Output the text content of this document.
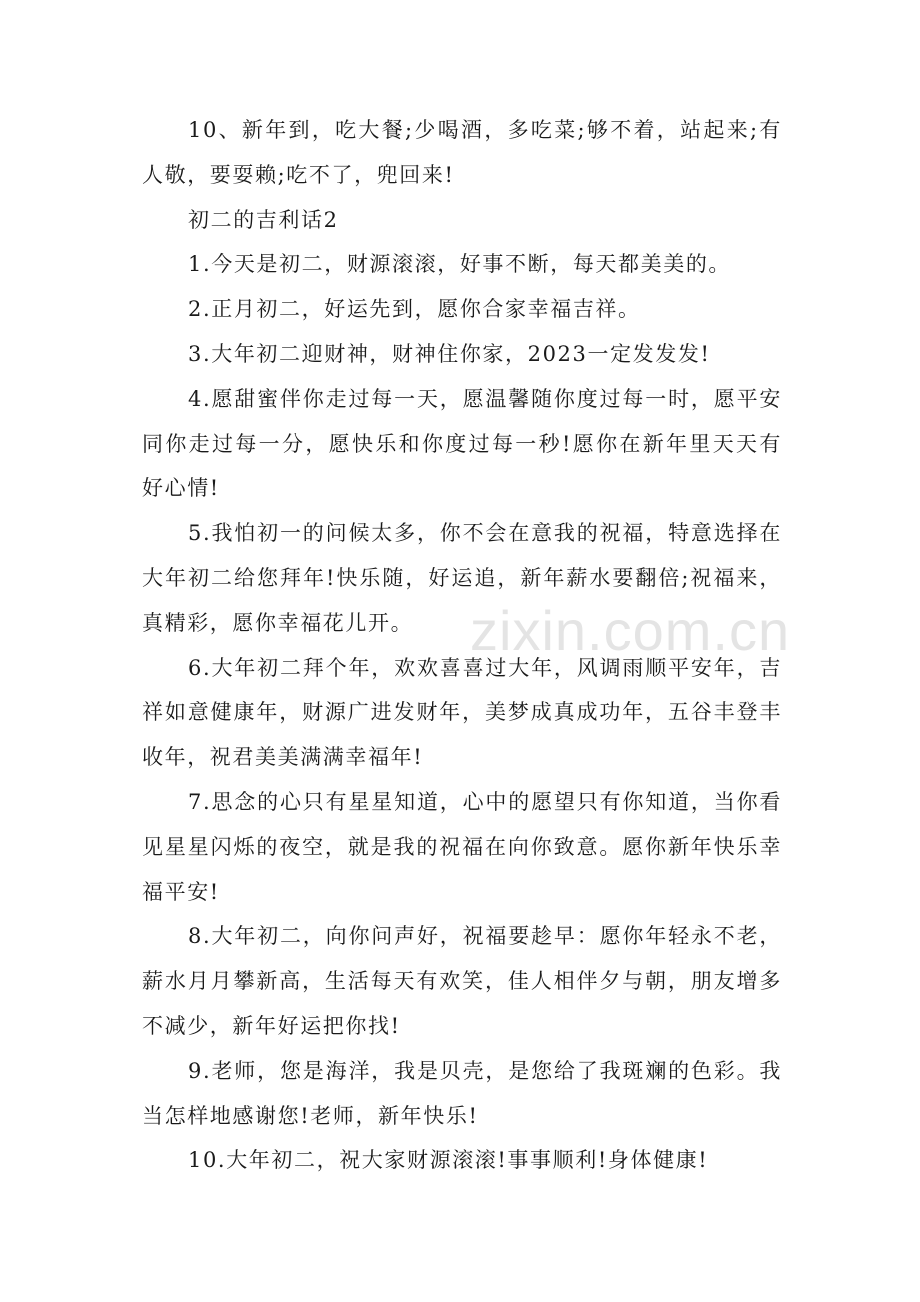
zixin.com.cn

10、新年到，吃大餐;少喝酒，多吃菜;够不着，站起来;有人敬，要耍赖;吃不了，兜回来!

初二的吉利话2

1.今天是初二，财源滚滚，好事不断，每天都美美的。

2.正月初二，好运先到，愿你合家幸福吉祥。

3.大年初二迎财神，财神住你家，2023一定发发发!

4.愿甜蜜伴你走过每一天，愿温馨随你度过每一时，愿平安同你走过每一分，愿快乐和你度过每一秒!愿你在新年里天天有好心情!

5.我怕初一的问候太多，你不会在意我的祝福，特意选择在大年初二给您拜年!快乐随，好运追，新年薪水要翻倍;祝福来，真精彩，愿你幸福花儿开。

6.大年初二拜个年，欢欢喜喜过大年，风调雨顺平安年，吉祥如意健康年，财源广进发财年，美梦成真成功年，五谷丰登丰收年，祝君美美满满幸福年!

7.思念的心只有星星知道，心中的愿望只有你知道，当你看见星星闪烁的夜空，就是我的祝福在向你致意。愿你新年快乐幸福平安!

8.大年初二，向你问声好，祝福要趁早：愿你年轻永不老，薪水月月攀新高，生活每天有欢笑，佳人相伴夕与朝，朋友增多不减少，新年好运把你找!

9.老师，您是海洋，我是贝壳，是您给了我斑斓的色彩。我当怎样地感谢您!老师，新年快乐!

10.大年初二，祝大家财源滚滚!事事顺利!身体健康!
